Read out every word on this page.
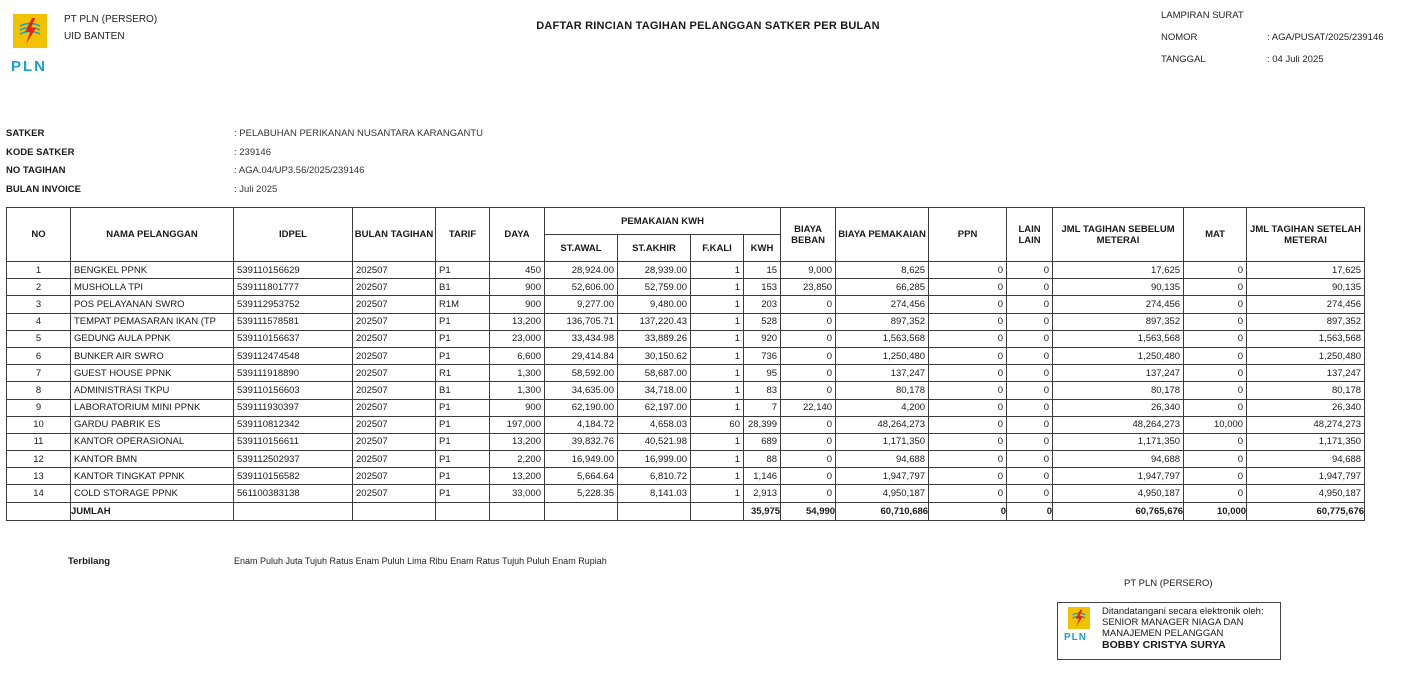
PLN
PT PLN (PERSERO)
UID BANTEN
DAFTAR RINCIAN TAGIHAN PELANGGAN SATKER PER BULAN
LAMPIRAN SURAT
NOMOR	: AGA/PUSAT/2025/239146
TANGGAL	: 04 Juli 2025
SATKER	: PELABUHAN PERIKANAN NUSANTARA KARANGANTU
KODE SATKER	: 239146
NO TAGIHAN	: AGA.04/UP3.56/2025/239146
BULAN INVOICE	: Juli 2025
NO	NAMA PELANGGAN	IDPEL	BULAN TAGIHAN	TARIF	DAYA	PEMAKAIAN KWH				BIAYA BEBAN	BIAYA PEMAKAIAN	PPN	LAIN LAIN	JML TAGIHAN SEBELUM METERAI	MAT	JML TAGIHAN SETELAH METERAI
						ST.AWAL	ST.AKHIR	F.KALI	KWH							
1	BENGKEL PPNK	539110156629	202507	P1	450	28,924.00	28,939.00	1	15	9,000	8,625	0	0	17,625	0	17,625
2	MUSHOLLA TPI	539111801777	202507	B1	900	52,606.00	52,759.00	1	153	23,850	66,285	0	0	90,135	0	90,135
3	POS PELAYANAN SWRO	539112953752	202507	R1M	900	9,277.00	9,480.00	1	203	0	274,456	0	0	274,456	0	274,456
4	TEMPAT PEMASARAN IKAN (TP	539111578581	202507	P1	13,200	136,705.71	137,220.43	1	528	0	897,352	0	0	897,352	0	897,352
5	GEDUNG AULA PPNK	539110156637	202507	P1	23,000	33,434.98	33,889.26	1	920	0	1,563,568	0	0	1,563,568	0	1,563,568
6	BUNKER AIR SWRO	539112474548	202507	P1	6,600	29,414.84	30,150.62	1	736	0	1,250,480	0	0	1,250,480	0	1,250,480
7	GUEST HOUSE PPNK	539111918890	202507	R1	1,300	58,592.00	58,687.00	1	95	0	137,247	0	0	137,247	0	137,247
8	ADMINISTRASI TKPU	539110156603	202507	B1	1,300	34,635.00	34,718.00	1	83	0	80,178	0	0	80,178	0	80,178
9	LABORATORIUM MINI PPNK	539111930397	202507	P1	900	62,190.00	62,197.00	1	7	22,140	4,200	0	0	26,340	0	26,340
10	GARDU PABRIK ES	539110812342	202507	P1	197,000	4,184.72	4,658.03	60	28,399	0	48,264,273	0	0	48,264,273	10,000	48,274,273
11	KANTOR OPERASIONAL	539110156611	202507	P1	13,200	39,832.76	40,521.98	1	689	0	1,171,350	0	0	1,171,350	0	1,171,350
12	KANTOR BMN	539112502937	202507	P1	2,200	16,949.00	16,999.00	1	88	0	94,688	0	0	94,688	0	94,688
13	KANTOR TINGKAT PPNK	539110156582	202507	P1	13,200	5,664.64	6,810.72	1	1,146	0	1,947,797	0	0	1,947,797	0	1,947,797
14	COLD STORAGE PPNK	561100383138	202507	P1	33,000	5,228.35	8,141.03	1	2,913	0	4,950,187	0	0	4,950,187	0	4,950,187
	JUMLAH								35,975	54,990	60,710,686	0	0	60,765,676	10,000	60,775,676
Terbilang	Enam Puluh Juta Tujuh Ratus Enam Puluh Lima Ribu Enam Ratus Tujuh Puluh Enam Rupiah
PT PLN (PERSERO)
PLN
Ditandatangani secara elektronik oleh:
SENIOR MANAGER NIAGA DAN
MANAJEMEN PELANGGAN
BOBBY CRISTYA SURYA
